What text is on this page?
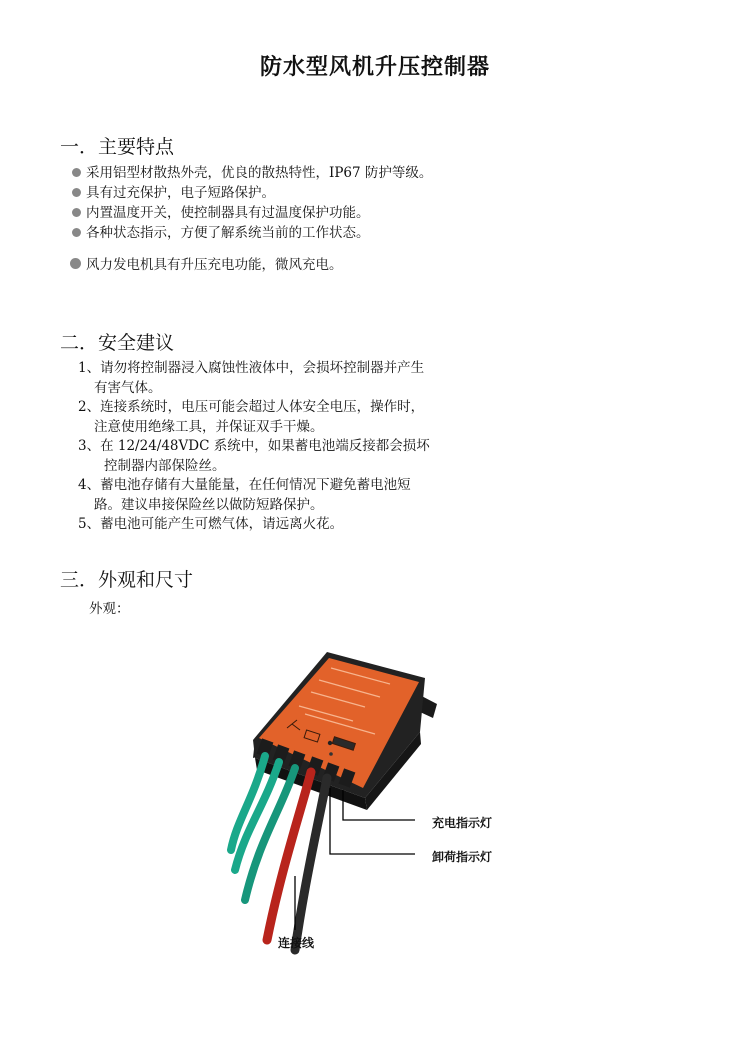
防水型风机升压控制器
一．主要特点
采用铝型材散热外壳，优良的散热特性，IP67 防护等级。
具有过充保护，电子短路保护。
内置温度开关，使控制器具有过温度保护功能。
各种状态指示，方便了解系统当前的工作状态。
风力发电机具有升压充电功能，微风充电。
二．安全建议
1、请勿将控制器浸入腐蚀性液体中，会损坏控制器并产生
有害气体。
2、连接系统时，电压可能会超过人体安全电压，操作时，
注意使用绝缘工具，并保证双手干燥。
3、在 12/24/48VDC 系统中，如果蓄电池端反接都会损坏
控制器内部保险丝。
4、蓄电池存储有大量能量，在任何情况下避免蓄电池短
路。建议串接保险丝以做防短路保护。
5、蓄电池可能产生可燃气体，请远离火花。
三．外观和尺寸
外观：
充电指示灯
卸荷指示灯
连接线
